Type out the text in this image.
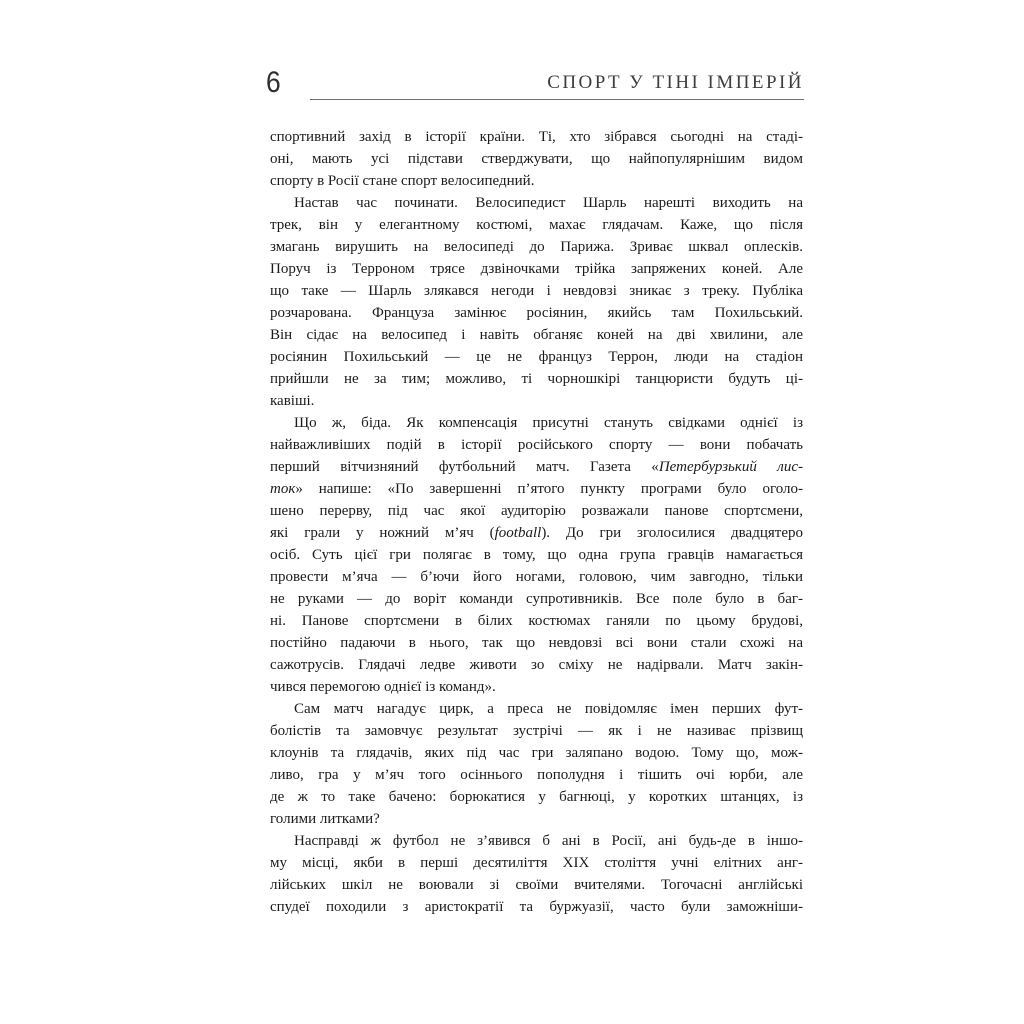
6	СПОРТ У ТІНІ ІМПЕРІЙ
спортивний захід в історії країни. Ті, хто зібрався сьогодні на стаді-
оні, мають усі підстави стверджувати, що найпопулярнішим видом
спорту в Росії стане спорт велосипедний.
Настав час починати. Велосипедист Шарль нарешті виходить на
трек, він у елегантному костюмі, махає глядачам. Каже, що після
змагань вирушить на велосипеді до Парижа. Зриває шквал оплесків.
Поруч із Терроном трясе дзвіночками трійка запряжених коней. Але
що таке — Шарль злякався негоди і невдовзі зникає з треку. Публіка
розчарована. Француза замінює росіянин, якийсь там Похильський.
Він сідає на велосипед і навіть обганяє коней на дві хвилини, але
росіянин Похильський — це не француз Террон, люди на стадіон
прийшли не за тим; можливо, ті чорношкірі танцюристи будуть ці-
кавіші.
Що ж, біда. Як компенсація присутні стануть свідками однієї із
найважливіших подій в історії російського спорту — вони побачать
перший вітчизняний футбольний матч. Газета «Петербурзький лис-
ток» напише: «По завершенні п’ятого пункту програми було оголо-
шено перерву, під час якої аудиторію розважали панове спортсмени,
які грали у ножний м’яч (football). До гри зголосилися двадцятеро
осіб. Суть цієї гри полягає в тому, що одна група гравців намагається
провести м’яча — б’ючи його ногами, головою, чим завгодно, тільки
не руками — до воріт команди супротивників. Все поле було в баг-
ні. Панове спортсмени в білих костюмах ганяли по цьому брудові,
постійно падаючи в нього, так що невдовзі всі вони стали схожі на
сажотрусів. Глядачі ледве животи зо сміху не надірвали. Матч закін-
чився перемогою однієї із команд».
Сам матч нагадує цирк, а преса не повідомляє імен перших фут-
болістів та замовчує результат зустрічі — як і не називає прізвищ
клоунів та глядачів, яких під час гри заляпано водою. Тому що, мож-
ливо, гра у м’яч того осіннього пополудня і тішить очі юрби, але
де ж то таке бачено: борюкатися у багнюці, у коротких штанцях, із
голими литками?
Насправді ж футбол не з’явився б ані в Росії, ані будь-де в іншо-
му місці, якби в перші десятиліття XIX століття учні елітних анг-
лійських шкіл не воювали зі своїми вчителями. Тогочасні англійські
спудеї походили з аристократії та буржуазії, часто були заможніши-
